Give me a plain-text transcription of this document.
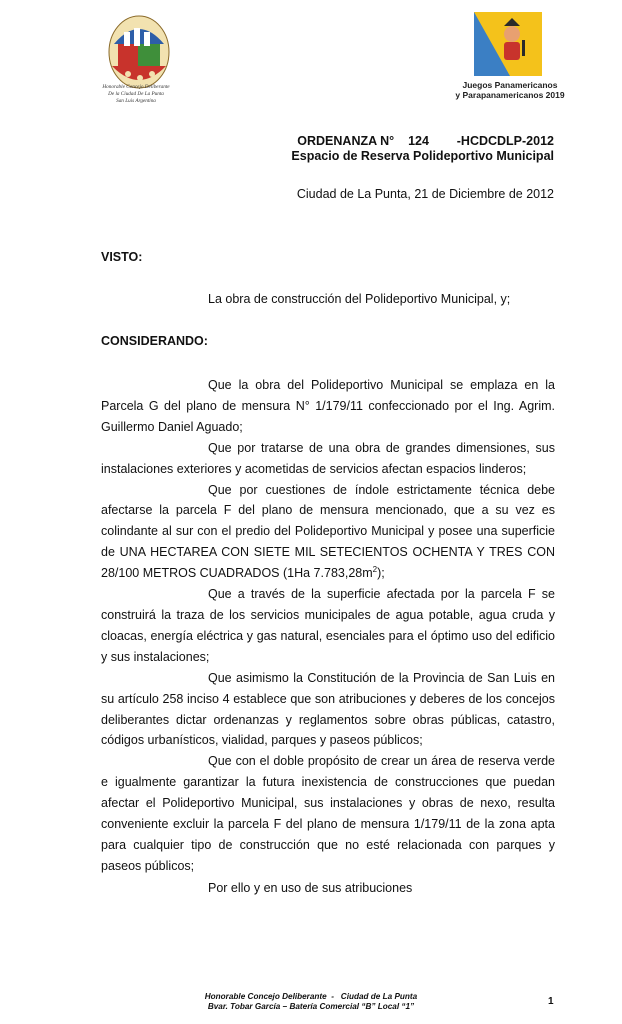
Honorable Concejo Deliberante
De la Ciudad De La Punta
San Luis Argentina
Juegos Panamericanos
y Parapanamericanos 2019
ORDENANZA N° 124 -HCDCDLP-2012
Espacio de Reserva Polideportivo Municipal
Ciudad de La Punta, 21 de Diciembre de 2012
VISTO:
La obra de construcción del Polideportivo Municipal, y;
CONSIDERANDO:

Que la obra del Polideportivo Municipal se emplaza en la Parcela G del plano de mensura N° 1/179/11 confeccionado por el Ing. Agrim. Guillermo Daniel Aguado;

Que por tratarse de una obra de grandes dimensiones, sus instalaciones exteriores y acometidas de servicios afectan espacios linderos;

Que por cuestiones de índole estrictamente técnica debe afectarse la parcela F del plano de mensura mencionado, que a su vez es colindante al sur con el predio del Polideportivo Municipal y posee una superficie de UNA HECTAREA CON SIETE MIL SETECIENTOS OCHENTA Y TRES CON 28/100 METROS CUADRADOS (1Ha $7.783,28m^2$);

Que a través de la superficie afectada por la parcela F se construirá la traza de los servicios municipales de agua potable, agua cruda y cloacas, energía eléctrica y gas natural, esenciales para el óptimo uso del edificio y sus instalaciones;

Que asimismo la Constitución de la Provincia de San Luis en su artículo 258 inciso 4 establece que son atribuciones y deberes de los concejos deliberantes dictar ordenanzas y reglamentos sobre obras públicas, catastro, códigos urbanísticos, vialidad, parques y paseos públicos;

Que con el doble propósito de crear un área de reserva verde e igualmente garantizar la futura inexistencia de construcciones que puedan afectar el Polideportivo Municipal, sus instalaciones y obras de nexo, resulta conveniente excluir la parcela F del plano de mensura 1/179/11 de la zona apta para cualquier tipo de construcción que no esté relacionada con parques y paseos públicos;

Por ello y en uso de sus atribuciones
Honorable Concejo Deliberante  -   Ciudad de La Punta
Bvar. Tobar García – Batería Comercial “B” Local “1”	1
